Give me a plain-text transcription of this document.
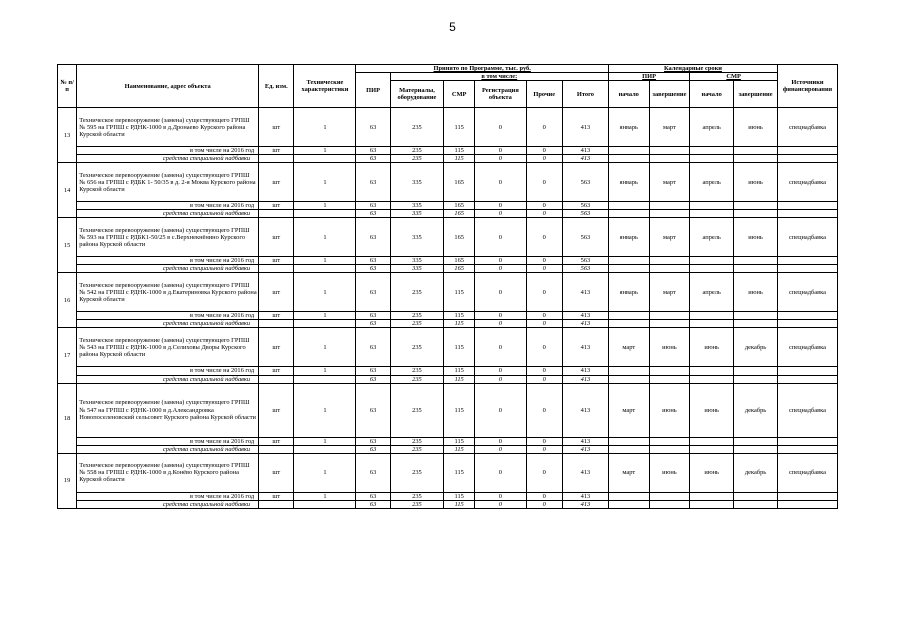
5
№ п/п	Наименование, адрес объекта	Ед. изм.	Технические характеристики	Принято по Программе, тыс. руб.						Календарные сроки				Источники финансирования
				ПИР	в том числе:					ПИР		СМР		
					Материалы, оборудование	СМР	Регистрация объекта	Прочие	Итого	начало	завершение	начало	завершение	
13	Техническое перевооружение (замена) существующего ГРПШ № 595 на ГРПШ с РДНК-1000 в д.Дронаево Курского района Курской области	шт	1	63	235	115	0	0	413	январь	март	апрель	июнь	спецнадбавка
	в том числе на 2016 год	шт	1	63	235	115	0	0	413					
	средства специальной надбавки			63	235	115	0	0	413					
14	Техническое перевооружение (замена) существующего ГРПШ № 656 на ГРПШ с РДБК 1- 50/35 в д. 2-я Моква Курского района Курской области	шт	1	63	335	165	0	0	563	январь	март	апрель	июнь	спецнадбавка
	в том числе на 2016 год	шт	1	63	335	165	0	0	563					
	средства специальной надбавки			63	335	165	0	0	563					
15	Техническое перевооружение (замена) существующего ГРПШ № 593 на ГРПШ с РДБК1-50/25 в с.Верхнекнёнино Курского района Курской области	шт	1	63	335	165	0	0	563	январь	март	апрель	июнь	спецнадбавка
	в том числе на 2016 год	шт	1	63	335	165	0	0	563					
	средства специальной надбавки			63	335	165	0	0	563					
16	Техническое перевооружение (замена) существующего ГРПШ № 542 на ГРПШ с РДНК-1000 в д.Екатериновка Курского района Курской области	шт	1	63	235	115	0	0	413	январь	март	апрель	июнь	спецнадбавка
	в том числе на 2016 год	шт	1	63	235	115	0	0	413					
	средства специальной надбавки			63	235	115	0	0	413					
17	Техническое перевооружение (замена) существующего ГРПШ № 543 на ГРПШ с РДНК-1000 в д.Селиховы Дворы Курского района Курской области	шт	1	63	235	115	0	0	413	март	июнь	июнь	декабрь	спецнадбавка
	в том числе на 2016 год	шт	1	63	235	115	0	0	413					
	средства специальной надбавки			63	235	115	0	0	413					
18	Техническое перевооружение (замена) существующего ГРПШ № 547 на ГРПШ с РДНК-1000 в д.Александровка Новопоселеновский сельсовет Курского района Курской области	шт	1	63	235	115	0	0	413	март	июнь	июнь	декабрь	спецнадбавка
	в том числе на 2016 год	шт	1	63	235	115	0	0	413					
	средства специальной надбавки			63	235	115	0	0	413					
19	Техническое перевооружение (замена) существующего ГРПШ № 558 на ГРПШ с РДНК-1000 в д.Конёво Курского района Курской области	шт	1	63	235	115	0	0	413	март	июнь	июнь	декабрь	спецнадбавка
	в том числе на 2016 год	шт	1	63	235	115	0	0	413					
	средства специальной надбавки			63	235	115	0	0	413					
